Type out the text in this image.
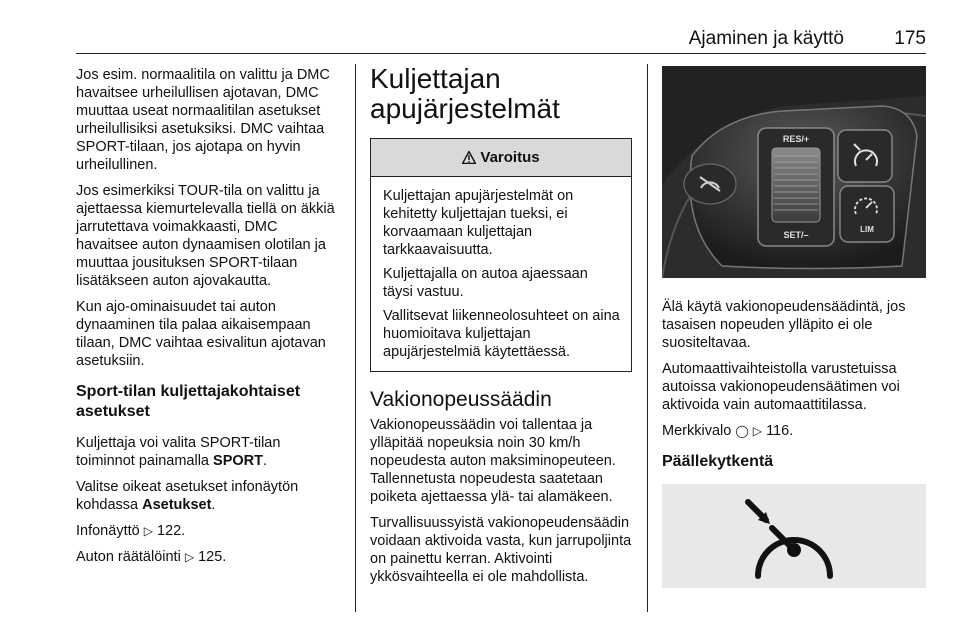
Ajaminen ja käyttö	175

Jos esim. normaalitila on valittu ja DMC havaitsee urheilullisen ajotavan, DMC muuttaa useat normaalitilan asetukset urheilullisiksi asetuksiksi. DMC vaihtaa SPORT-tilaan, jos ajotapa on hyvin urheilullinen.

Jos esimerkiksi TOUR-tila on valittu ja ajettaessa kiemurtelevalla tiellä on äkkiä jarrutettava voimakkaasti, DMC havaitsee auton dynaamisen olotilan ja muuttaa jousituksen SPORT-tilaan lisätäkseen auton ajovakautta.

Kun ajo-ominaisuudet tai auton dynaaminen tila palaa aikaisempaan tilaan, DMC vaihtaa esivalitun ajotavan asetuksiin.

Sport-tilan kuljettajakohtaiset asetukset

Kuljettaja voi valita SPORT-tilan toiminnot painamalla SPORT.

Valitse oikeat asetukset infonäytön kohdassa Asetukset.

Infonäyttö ▷ 122.

Auton räätälöinti ▷ 125.

Kuljettajan apujärjestelmät
Varoitus

Kuljettajan apujärjestelmät on kehitetty kuljettajan tueksi, ei korvaamaan kuljettajan tarkkaavaisuutta.

Kuljettajalla on autoa ajaessaan täysi vastuu.

Vallitsevat liikenneolosuhteet on aina huomioitava kuljettajan apujärjestelmiä käytettäessä.

Vakionopeussäädin

Vakionopeussäädin voi tallentaa ja ylläpitää nopeuksia noin 30 km/h nopeudesta auton maksiminopeuteen. Tallennetusta nopeudesta saatetaan poiketa ajettaessa ylä- tai alamäkeen.

Turvallisuussyistä vakionopeudensäädin voidaan aktivoida vasta, kun jarrupoljinta on painettu kerran. Aktivointi ykkösvaihteella ei ole mahdollista.

RES/+
SET/–
LIM

Älä käytä vakionopeudensäädintä, jos tasaisen nopeuden ylläpito ei ole suositeltavaa.

Automaattivaihteistolla varustetuissa autoissa vakionopeudensäätimen voi aktivoida vain automaattitilassa.

Merkkivalo ◯ ▷ 116.

Päällekytkentä
